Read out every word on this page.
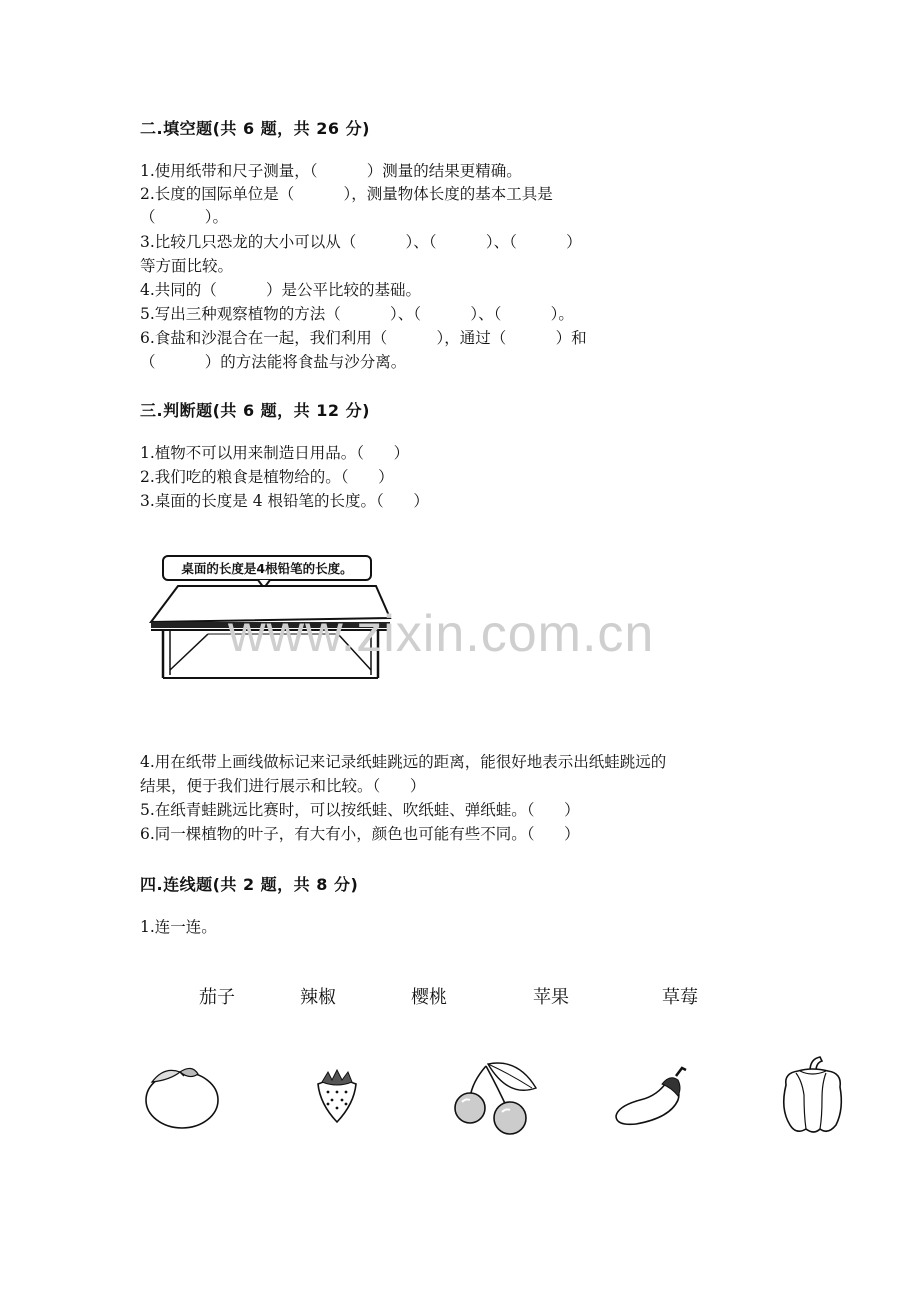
二.填空题(共 6 题，共 26 分)
1.使用纸带和尺子测量，（          ）测量的结果更精确。
2.长度的国际单位是（          ），测量物体长度的基本工具是
（          ）。
3.比较几只恐龙的大小可以从（          ）、（          ）、（          ）
等方面比较。
4.共同的（          ）是公平比较的基础。
5.写出三种观察植物的方法（          ）、（          ）、（          ）。
6.食盐和沙混合在一起，我们利用（          ），通过（          ）和
（          ）的方法能将食盐与沙分离。
三.判断题(共 6 题，共 12 分)
1.植物不可以用来制造日用品。（      ）
2.我们吃的粮食是植物给的。（      ）
3.桌面的长度是 4 根铅笔的长度。（      ）
桌面的长度是4根铅笔的长度。
www.zixin.com.cn
4.用在纸带上画线做标记来记录纸蛙跳远的距离，能很好地表示出纸蛙跳远的
结果，便于我们进行展示和比较。（      ）
5.在纸青蛙跳远比赛时，可以按纸蛙、吹纸蛙、弹纸蛙。（      ）
6.同一棵植物的叶子，有大有小，颜色也可能有些不同。（      ）
四.连线题(共 2 题，共 8 分)
1.连一连。
茄子	辣椒	樱桃	苹果	草莓
